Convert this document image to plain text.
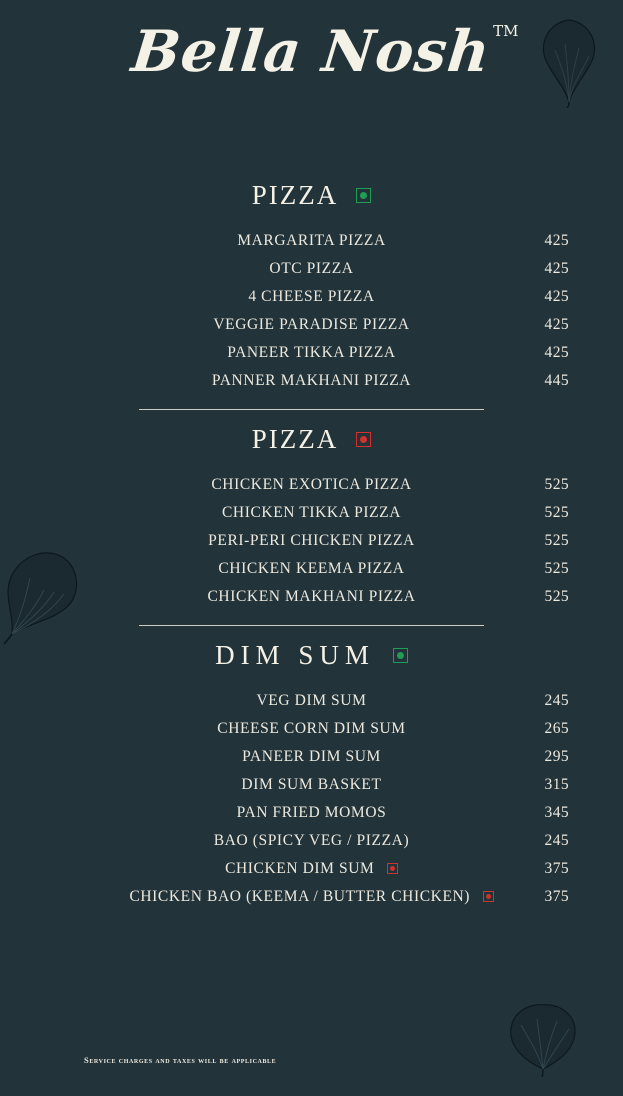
Bella Nosh TM
PIZZA
MARGARITA PIZZA	425
OTC PIZZA	425
4 CHEESE PIZZA	425
VEGGIE PARADISE PIZZA	425
PANEER TIKKA PIZZA	425
PANNER MAKHANI PIZZA	445
PIZZA
CHICKEN EXOTICA PIZZA	525
CHICKEN TIKKA PIZZA	525
PERI-PERI CHICKEN PIZZA	525
CHICKEN KEEMA PIZZA	525
CHICKEN MAKHANI PIZZA	525
DIM SUM
VEG DIM SUM	245
CHEESE CORN DIM SUM	265
PANEER DIM SUM	295
DIM SUM BASKET	315
PAN FRIED MOMOS	345
BAO (SPICY VEG / PIZZA)	245
CHICKEN DIM SUM	375
CHICKEN BAO (KEEMA / BUTTER CHICKEN)	375
Service charges and taxes will be applicable
